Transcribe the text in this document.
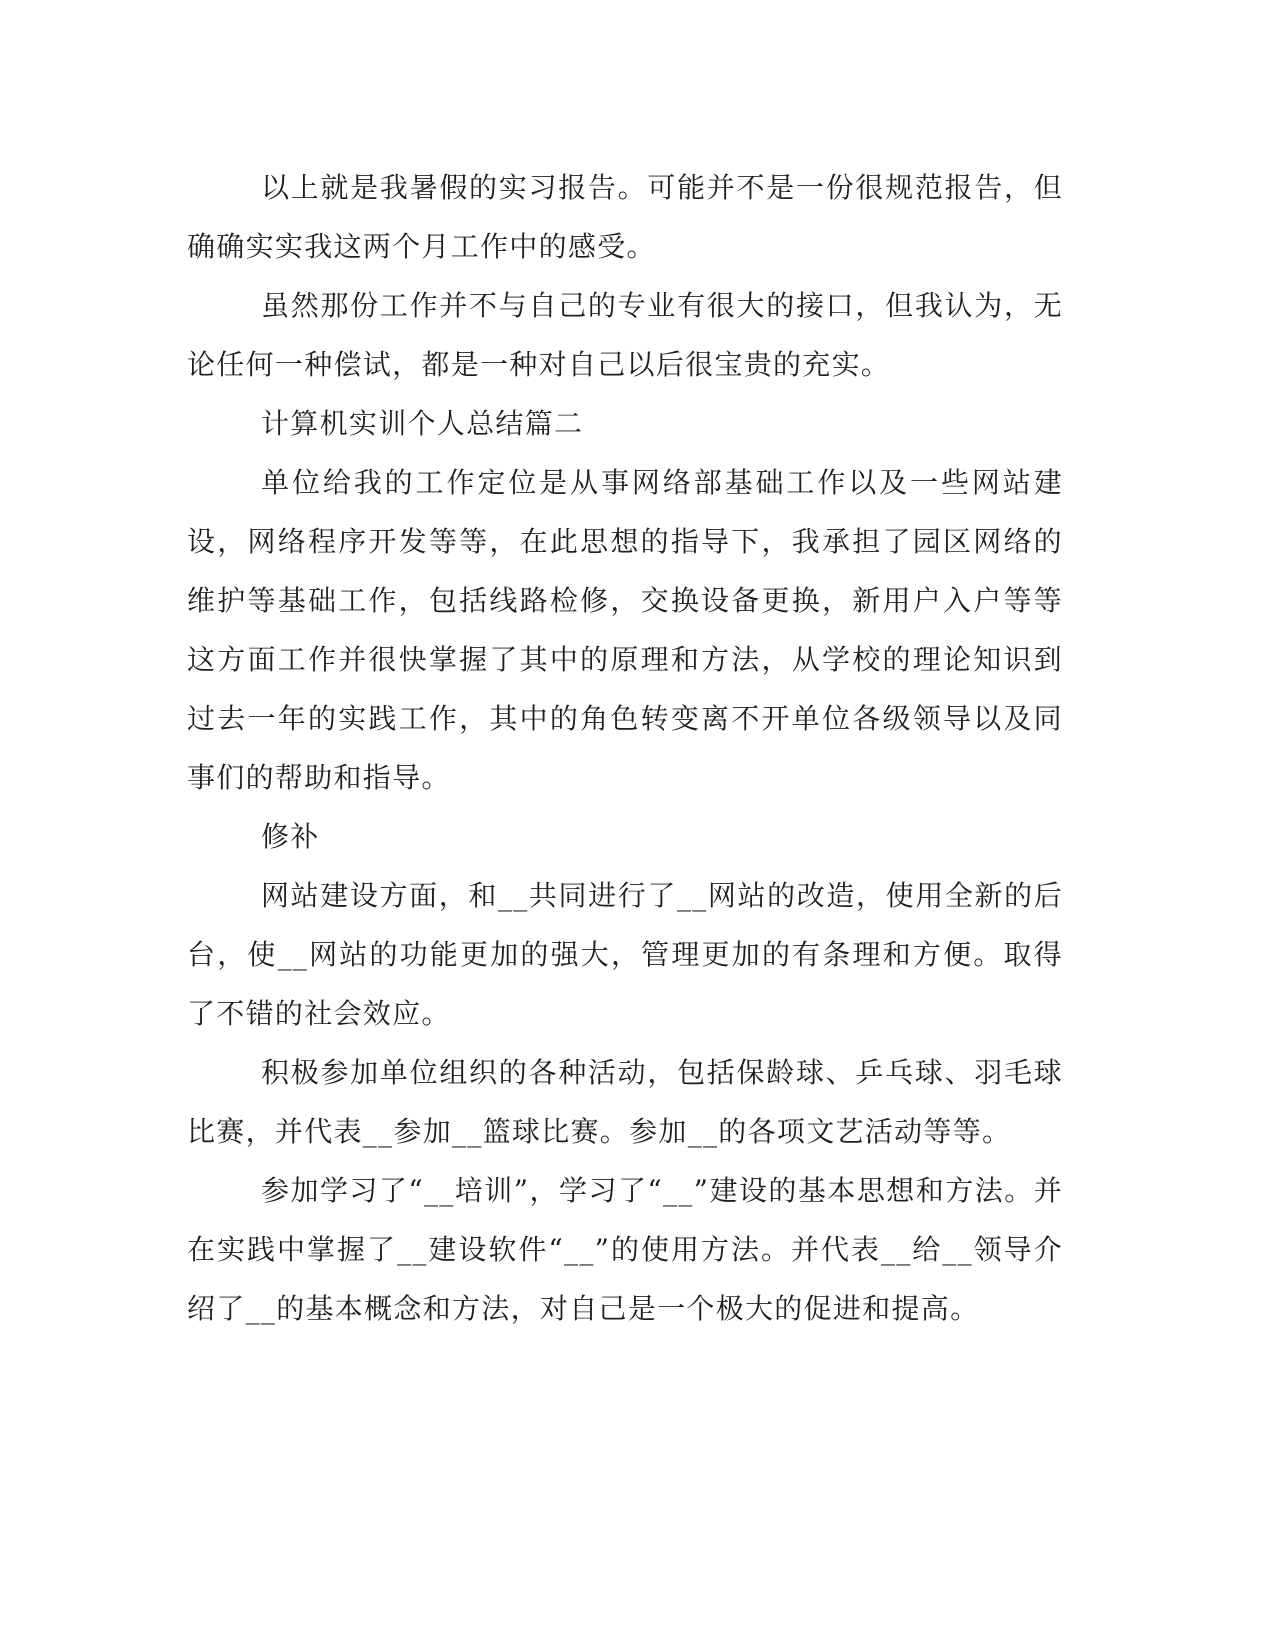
以上就是我暑假的实习报告。可能并不是一份很规范报告，但确确实实我这两个月工作中的感受。

虽然那份工作并不与自己的专业有很大的接口，但我认为，无论任何一种偿试，都是一种对自己以后很宝贵的充实。

计算机实训个人总结篇二

单位给我的工作定位是从事网络部基础工作以及一些网站建设，网络程序开发等等，在此思想的指导下，我承担了园区网络的维护等基础工作，包括线路检修，交换设备更换，新用户入户等等这方面工作并很快掌握了其中的原理和方法，从学校的理论知识到过去一年的实践工作，其中的角色转变离不开单位各级领导以及同事们的帮助和指导。

修补

网站建设方面，和__共同进行了__网站的改造，使用全新的后台，使__网站的功能更加的强大，管理更加的有条理和方便。取得了不错的社会效应。

积极参加单位组织的各种活动，包括保龄球、乒乓球、羽毛球比赛，并代表__参加__篮球比赛。参加__的各项文艺活动等等。

参加学习了“__培训”，学习了“__”建设的基本思想和方法。并在实践中掌握了__建设软件“__”的使用方法。并代表__给__领导介绍了__的基本概念和方法，对自己是一个极大的促进和提高。
